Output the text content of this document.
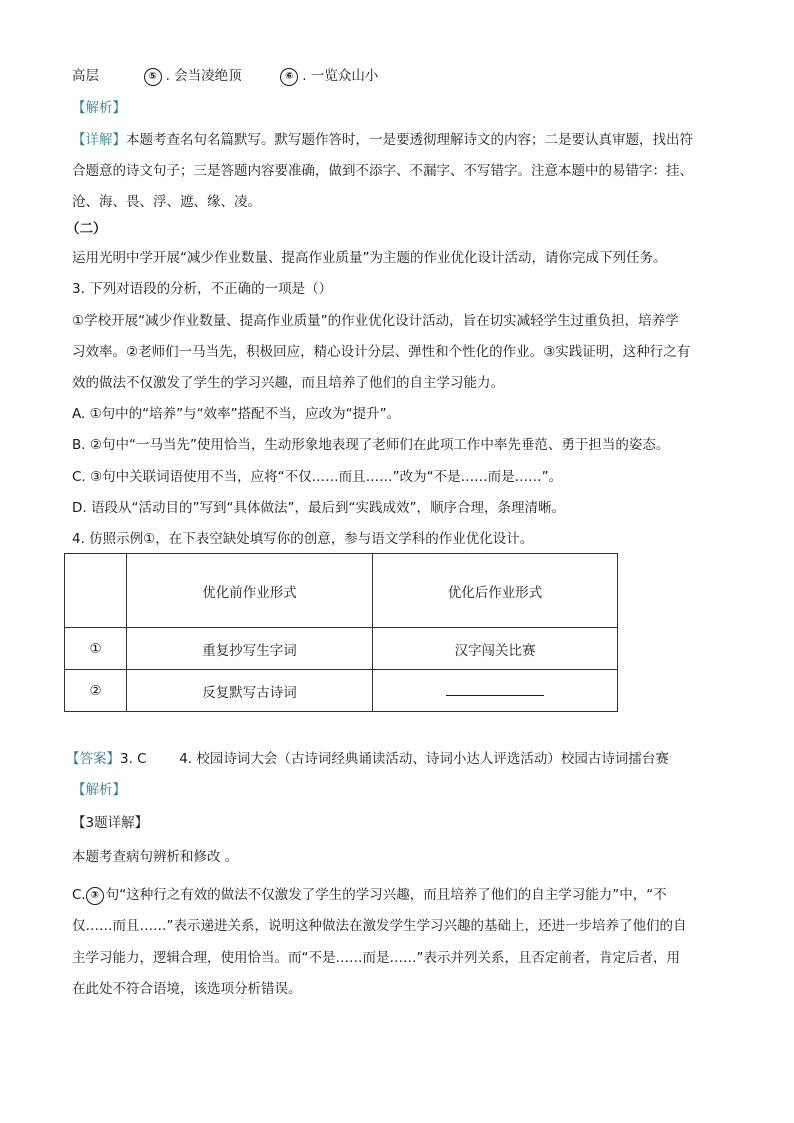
高层	⑤ . 会当凌绝顶	⑥ . 一览众山小
【解析】
【详解】本题考查名句名篇默写。默写题作答时，一是要透彻理解诗文的内容；二是要认真审题，找出符
合题意的诗文句子；三是答题内容要准确，做到不添字、不漏字、不写错字。注意本题中的易错字：挂、
沧、海、畏、浮、遮、缘、凌。
（二）
运用光明中学开展“减少作业数量、提高作业质量”为主题的作业优化设计活动，请你完成下列任务。
3. 下列对语段的分析，不正确的一项是（）
①学校开展“减少作业数量、提高作业质量”的作业优化设计活动，旨在切实减轻学生过重负担，培养学
习效率。②老师们一马当先，积极回应，精心设计分层、弹性和个性化的作业。③实践证明，这种行之有
效的做法不仅激发了学生的学习兴趣，而且培养了他们的自主学习能力。
A. ①句中的“培养”与“效率”搭配不当，应改为“提升”。
B. ②句中“一马当先”使用恰当，生动形象地表现了老师们在此项工作中率先垂范、勇于担当的姿态。
C. ③句中关联词语使用不当，应将“不仅……而且……”改为“不是……而是……”。
D. 语段从“活动目的”写到“具体做法”，最后到“实践成效”，顺序合理，条理清晰。
4. 仿照示例①，在下表空缺处填写你的创意，参与语文学科的作业优化设计。
	优化前作业形式	优化后作业形式
①	重复抄写生字词	汉字闯关比赛
②	反复默写古诗词	
【答案】3. C 4. 校园诗词大会（古诗词经典诵读活动、诗词小达人评选活动）校园古诗词擂台赛
【解析】
【3题详解】
本题考查病句辨析和修改 。
C. ③ 句“这种行之有效的做法不仅激发了学生的学习兴趣，而且培养了他们的自主学习能力”中，“不
仅……而且……”表示递进关系，说明这种做法在激发学生学习兴趣的基础上，还进一步培养了他们的自
主学习能力，逻辑合理，使用恰当。而“不是……而是……”表示并列关系，且否定前者，肯定后者，用
在此处不符合语境，该选项分析错误。
